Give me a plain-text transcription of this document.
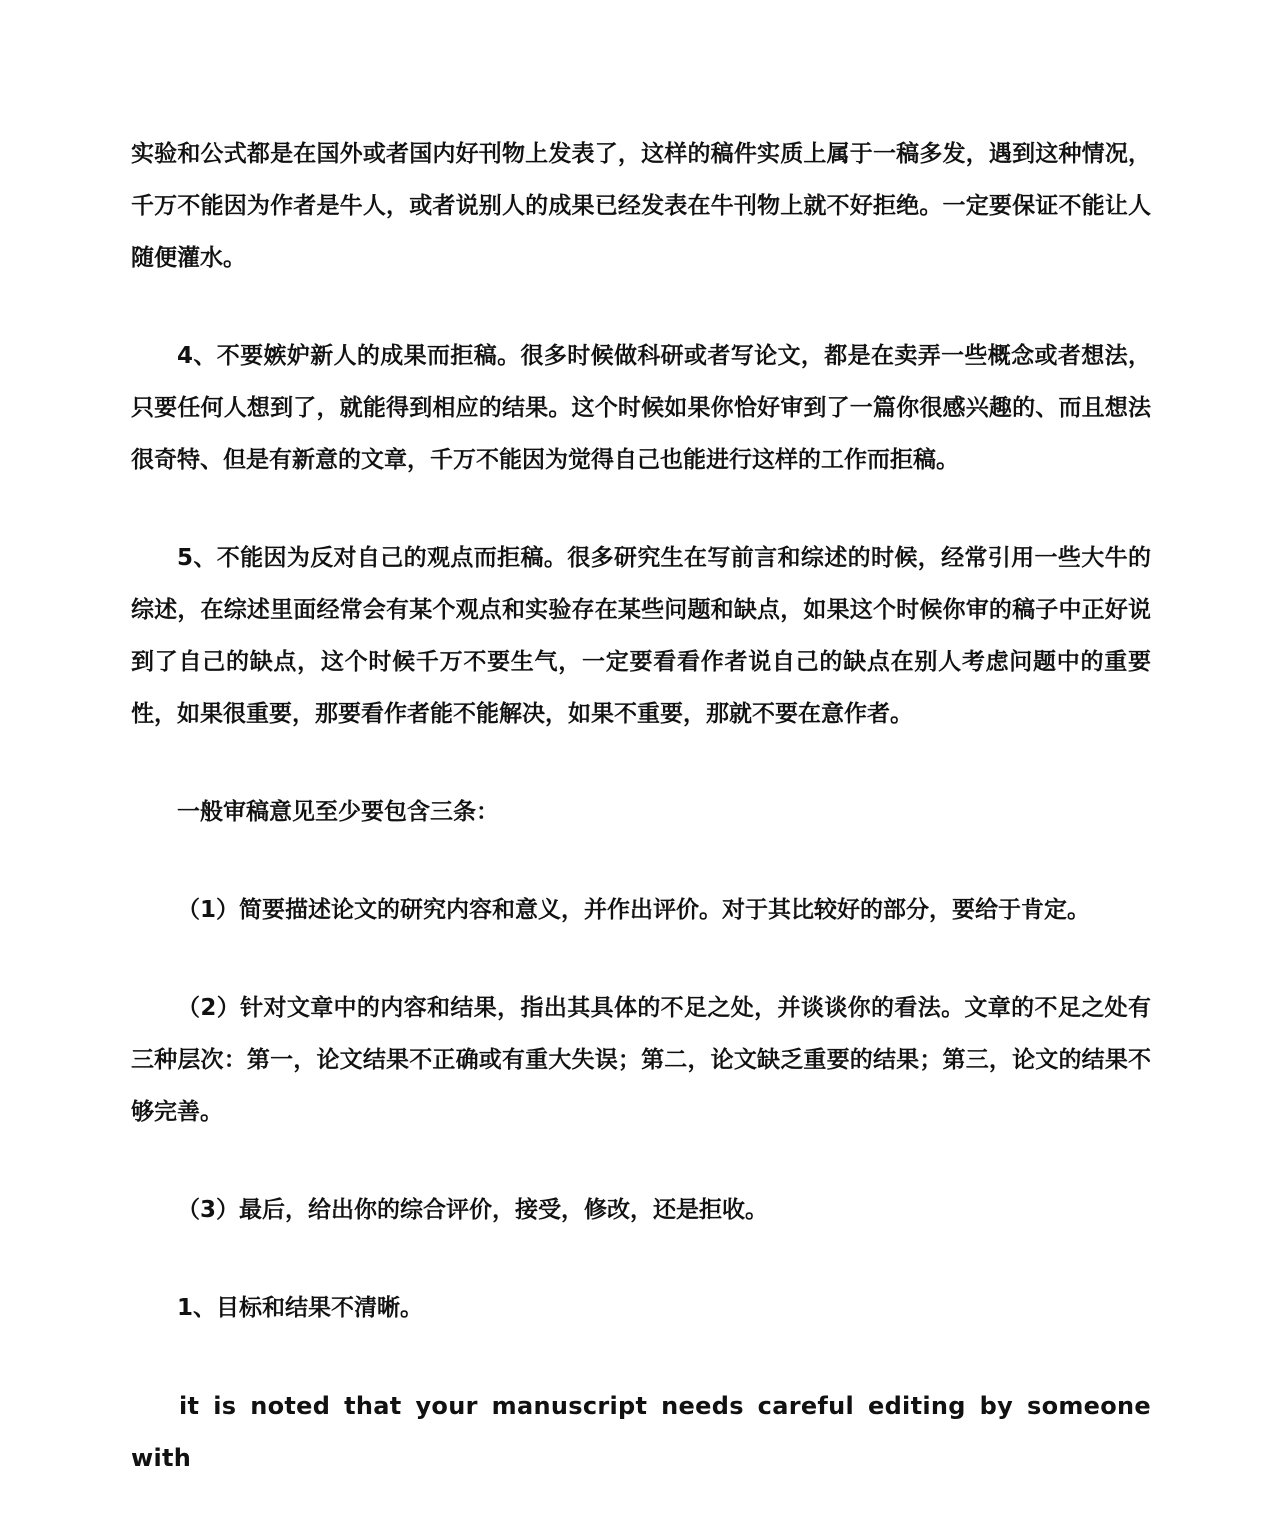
实验和公式都是在国外或者国内好刊物上发表了，这样的稿件实质上属于一稿多发，遇到这种情况，千万不能因为作者是牛人，或者说别人的成果已经发表在牛刊物上就不好拒绝。一定要保证不能让人随便灌水。

4、不要嫉妒新人的成果而拒稿。很多时候做科研或者写论文，都是在卖弄一些概念或者想法，只要任何人想到了，就能得到相应的结果。这个时候如果你恰好审到了一篇你很感兴趣的、而且想法很奇特、但是有新意的文章，千万不能因为觉得自己也能进行这样的工作而拒稿。

5、不能因为反对自己的观点而拒稿。很多研究生在写前言和综述的时候，经常引用一些大牛的综述，在综述里面经常会有某个观点和实验存在某些问题和缺点，如果这个时候你审的稿子中正好说到了自己的缺点，这个时候千万不要生气，一定要看看作者说自己的缺点在别人考虑问题中的重要性，如果很重要，那要看作者能不能解决，如果不重要，那就不要在意作者。

一般审稿意见至少要包含三条：

（1）简要描述论文的研究内容和意义，并作出评价。对于其比较好的部分，要给于肯定。

（2）针对文章中的内容和结果，指出其具体的不足之处，并谈谈你的看法。文章的不足之处有三种层次：第一，论文结果不正确或有重大失误；第二，论文缺乏重要的结果；第三，论文的结果不够完善。

（3）最后，给出你的综合评价，接受，修改，还是拒收。

1、目标和结果不清晰。

it is noted that your manuscript needs careful editing by someone with
